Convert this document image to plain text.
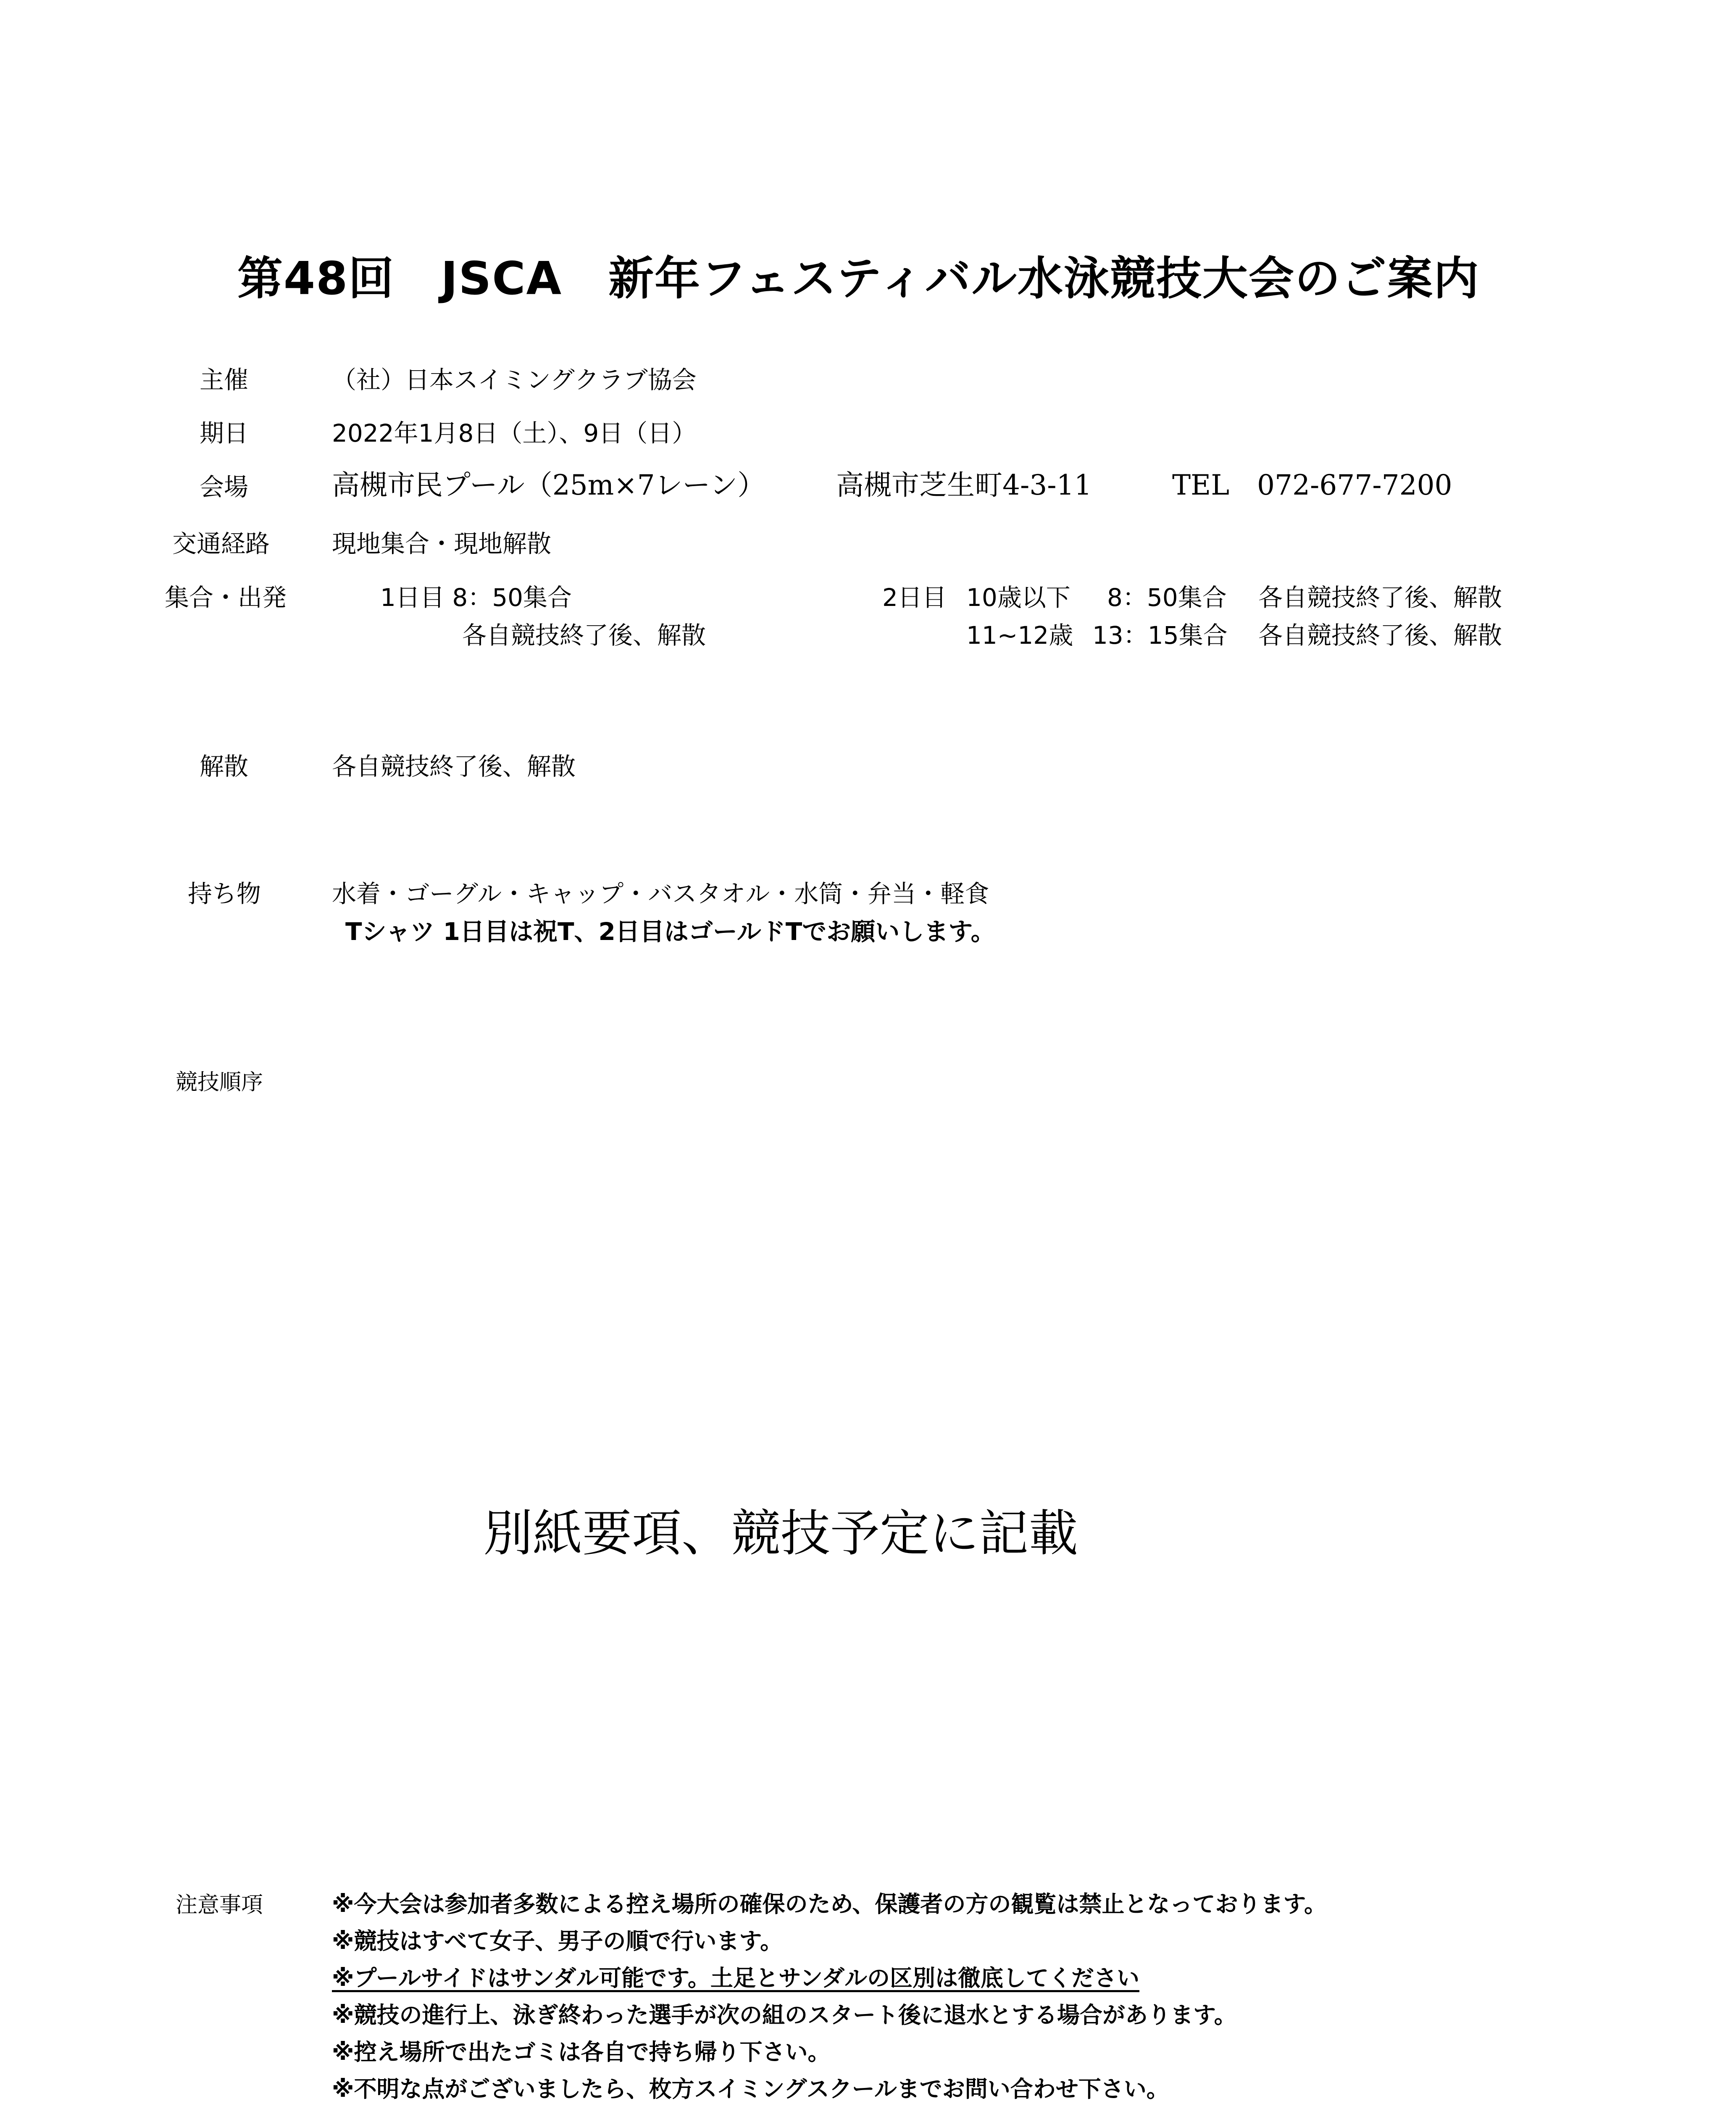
第48回　JSCA　新年フェスティバル水泳競技大会のご案内
主催	（社）日本スイミングクラブ協会
期日	2022年1月8日（土）、9日（日）
会場	高槻市民プール（25m×7レーン）	高槻市芝生町4-3-11	TEL　072-677-7200
交通経路	現地集合・現地解散
集合・出発	1日目 8：50集合
各自競技終了後、解散
2日目 10歳以下 8：50集合 各自競技終了後、解散
11~12歳 13：15集合 各自競技終了後、解散
解散	各自競技終了後、解散
持ち物	水着・ゴーグル・キャップ・バスタオル・水筒・弁当・軽食
Tシャツ 1日目は祝T、2日目はゴールドTでお願いします。
競技順序
別紙要項、競技予定に記載
注意事項	※今大会は参加者多数による控え場所の確保のため、保護者の方の観覧は禁止となっております。
※競技はすべて女子、男子の順で行います。
※プールサイドはサンダル可能です。土足とサンダルの区別は徹底してください
※競技の進行上、泳ぎ終わった選手が次の組のスタート後に退水とする場合があります。
※控え場所で出たゴミは各自で持ち帰り下さい。
※不明な点がございましたら、枚方スイミングスクールまでお問い合わせ下さい。
